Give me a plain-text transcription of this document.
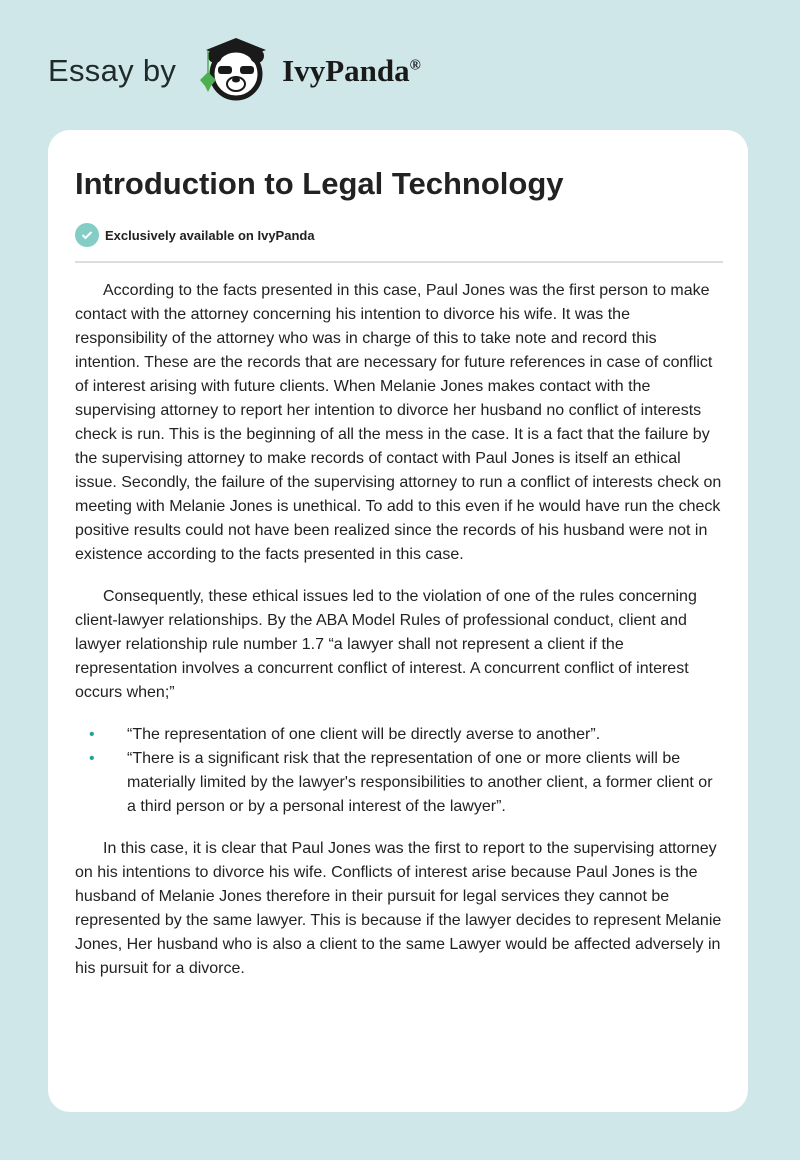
Essay by	IvyPanda®
Introduction to Legal Technology
Exclusively available on IvyPanda

According to the facts presented in this case, Paul Jones was the first person to make contact with the attorney concerning his intention to divorce his wife. It was the responsibility of the attorney who was in charge of this to take note and record this intention. These are the records that are necessary for future references in case of conflict of interest arising with future clients. When Melanie Jones makes contact with the supervising attorney to report her intention to divorce her husband no conflict of interests check is run. This is the beginning of all the mess in the case. It is a fact that the failure by the supervising attorney to make records of contact with Paul Jones is itself an ethical issue. Secondly, the failure of the supervising attorney to run a conflict of interests check on meeting with Melanie Jones is unethical. To add to this even if he would have run the check positive results could not have been realized since the records of his husband were not in existence according to the facts presented in this case.

Consequently, these ethical issues led to the violation of one of the rules concerning client-lawyer relationships. By the ABA Model Rules of professional conduct, client and lawyer relationship rule number 1.7 “a lawyer shall not represent a client if the representation involves a concurrent conflict of interest. A concurrent conflict of interest occurs when;”

• “The representation of one client will be directly averse to another”.
• “There is a significant risk that the representation of one or more clients will be materially limited by the lawyer's responsibilities to another client, a former client or a third person or by a personal interest of the lawyer”.

In this case, it is clear that Paul Jones was the first to report to the supervising attorney on his intentions to divorce his wife. Conflicts of interest arise because Paul Jones is the husband of Melanie Jones therefore in their pursuit for legal services they cannot be represented by the same lawyer. This is because if the lawyer decides to represent Melanie Jones, Her husband who is also a client to the same Lawyer would be affected adversely in his pursuit for a divorce.
